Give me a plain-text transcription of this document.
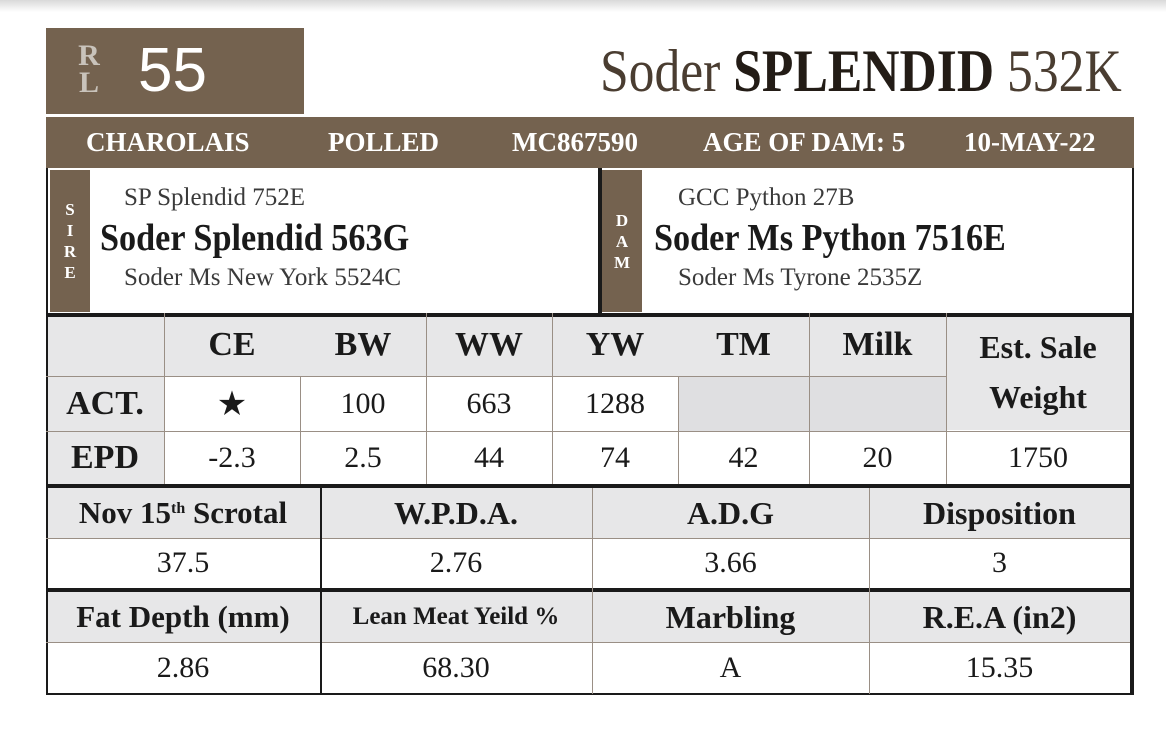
R
L 55	Soder SPLENDID 532K
CHAROLAIS	POLLED	MC867590 AGE OF DAM: 5 10-MAY-22
S
I
R
E
SP Splendid 752E
Soder Splendid 563G
Soder Ms New York 5524C
D
A
M
GCC Python 27B
Soder Ms Python 7516E
Soder Ms Tyrone 2535Z
CE	BW	WW	YW	TM	Milk	Est. Sale
Weight
ACT.	★	100	663	1288
EPD	-2.3	2.5	44	74	42	20	1750
Nov 15th Scrotal	W.P.D.A.	A.D.G	Disposition
37.5	2.76	3.66	3
Fat Depth (mm)	Lean Meat Yeild %	Marbling	R.E.A (in2)
2.86	68.30	A	15.35
